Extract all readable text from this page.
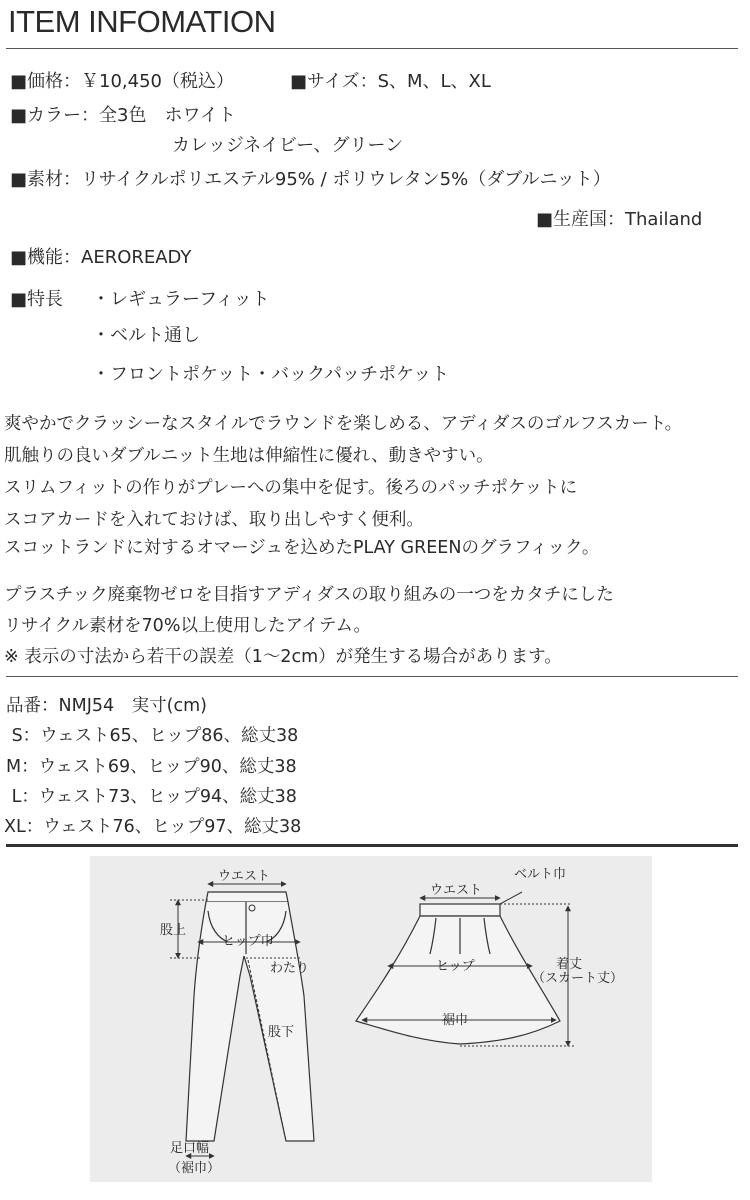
ITEM INFOMATION
■価格：￥10,450（税込）	■サイズ：S、M、L、XL
■カラー：全3色　ホワイト
カレッジネイビー、グリーン
■素材：リサイクルポリエステル95% / ポリウレタン5%（ダブルニット）
■生産国：Thailand
■機能：AEROREADY
■特長 ・レギュラーフィット
・ベルト通し
・フロントポケット・バックパッチポケット
爽やかでクラッシーなスタイルでラウンドを楽しめる、アディダスのゴルフスカート。
肌触りの良いダブルニット生地は伸縮性に優れ、動きやすい。
スリムフィットの作りがプレーへの集中を促す。後ろのパッチポケットに
スコアカードを入れておけば、取り出しやすく便利。
スコットランドに対するオマージュを込めたPLAY GREENのグラフィック。
プラスチック廃棄物ゼロを目指すアディダスの取り組みの一つをカタチにした
リサイクル素材を70%以上使用したアイテム。
※ 表示の寸法から若干の誤差（1〜2cm）が発生する場合があります。
品番：NMJ54　実寸(cm)
S：ウェスト65、ヒップ86、総丈38
M：ウェスト69、ヒップ90、総丈38
L：ウェスト73、ヒップ94、総丈38
XL：ウェスト76、ヒップ97、総丈38
ウエスト
股上
ヒップ巾
わたり
股下
足口幅
（裾巾）
ウエスト
ベルト巾
ヒップ	着丈
（スカート丈）
裾巾
